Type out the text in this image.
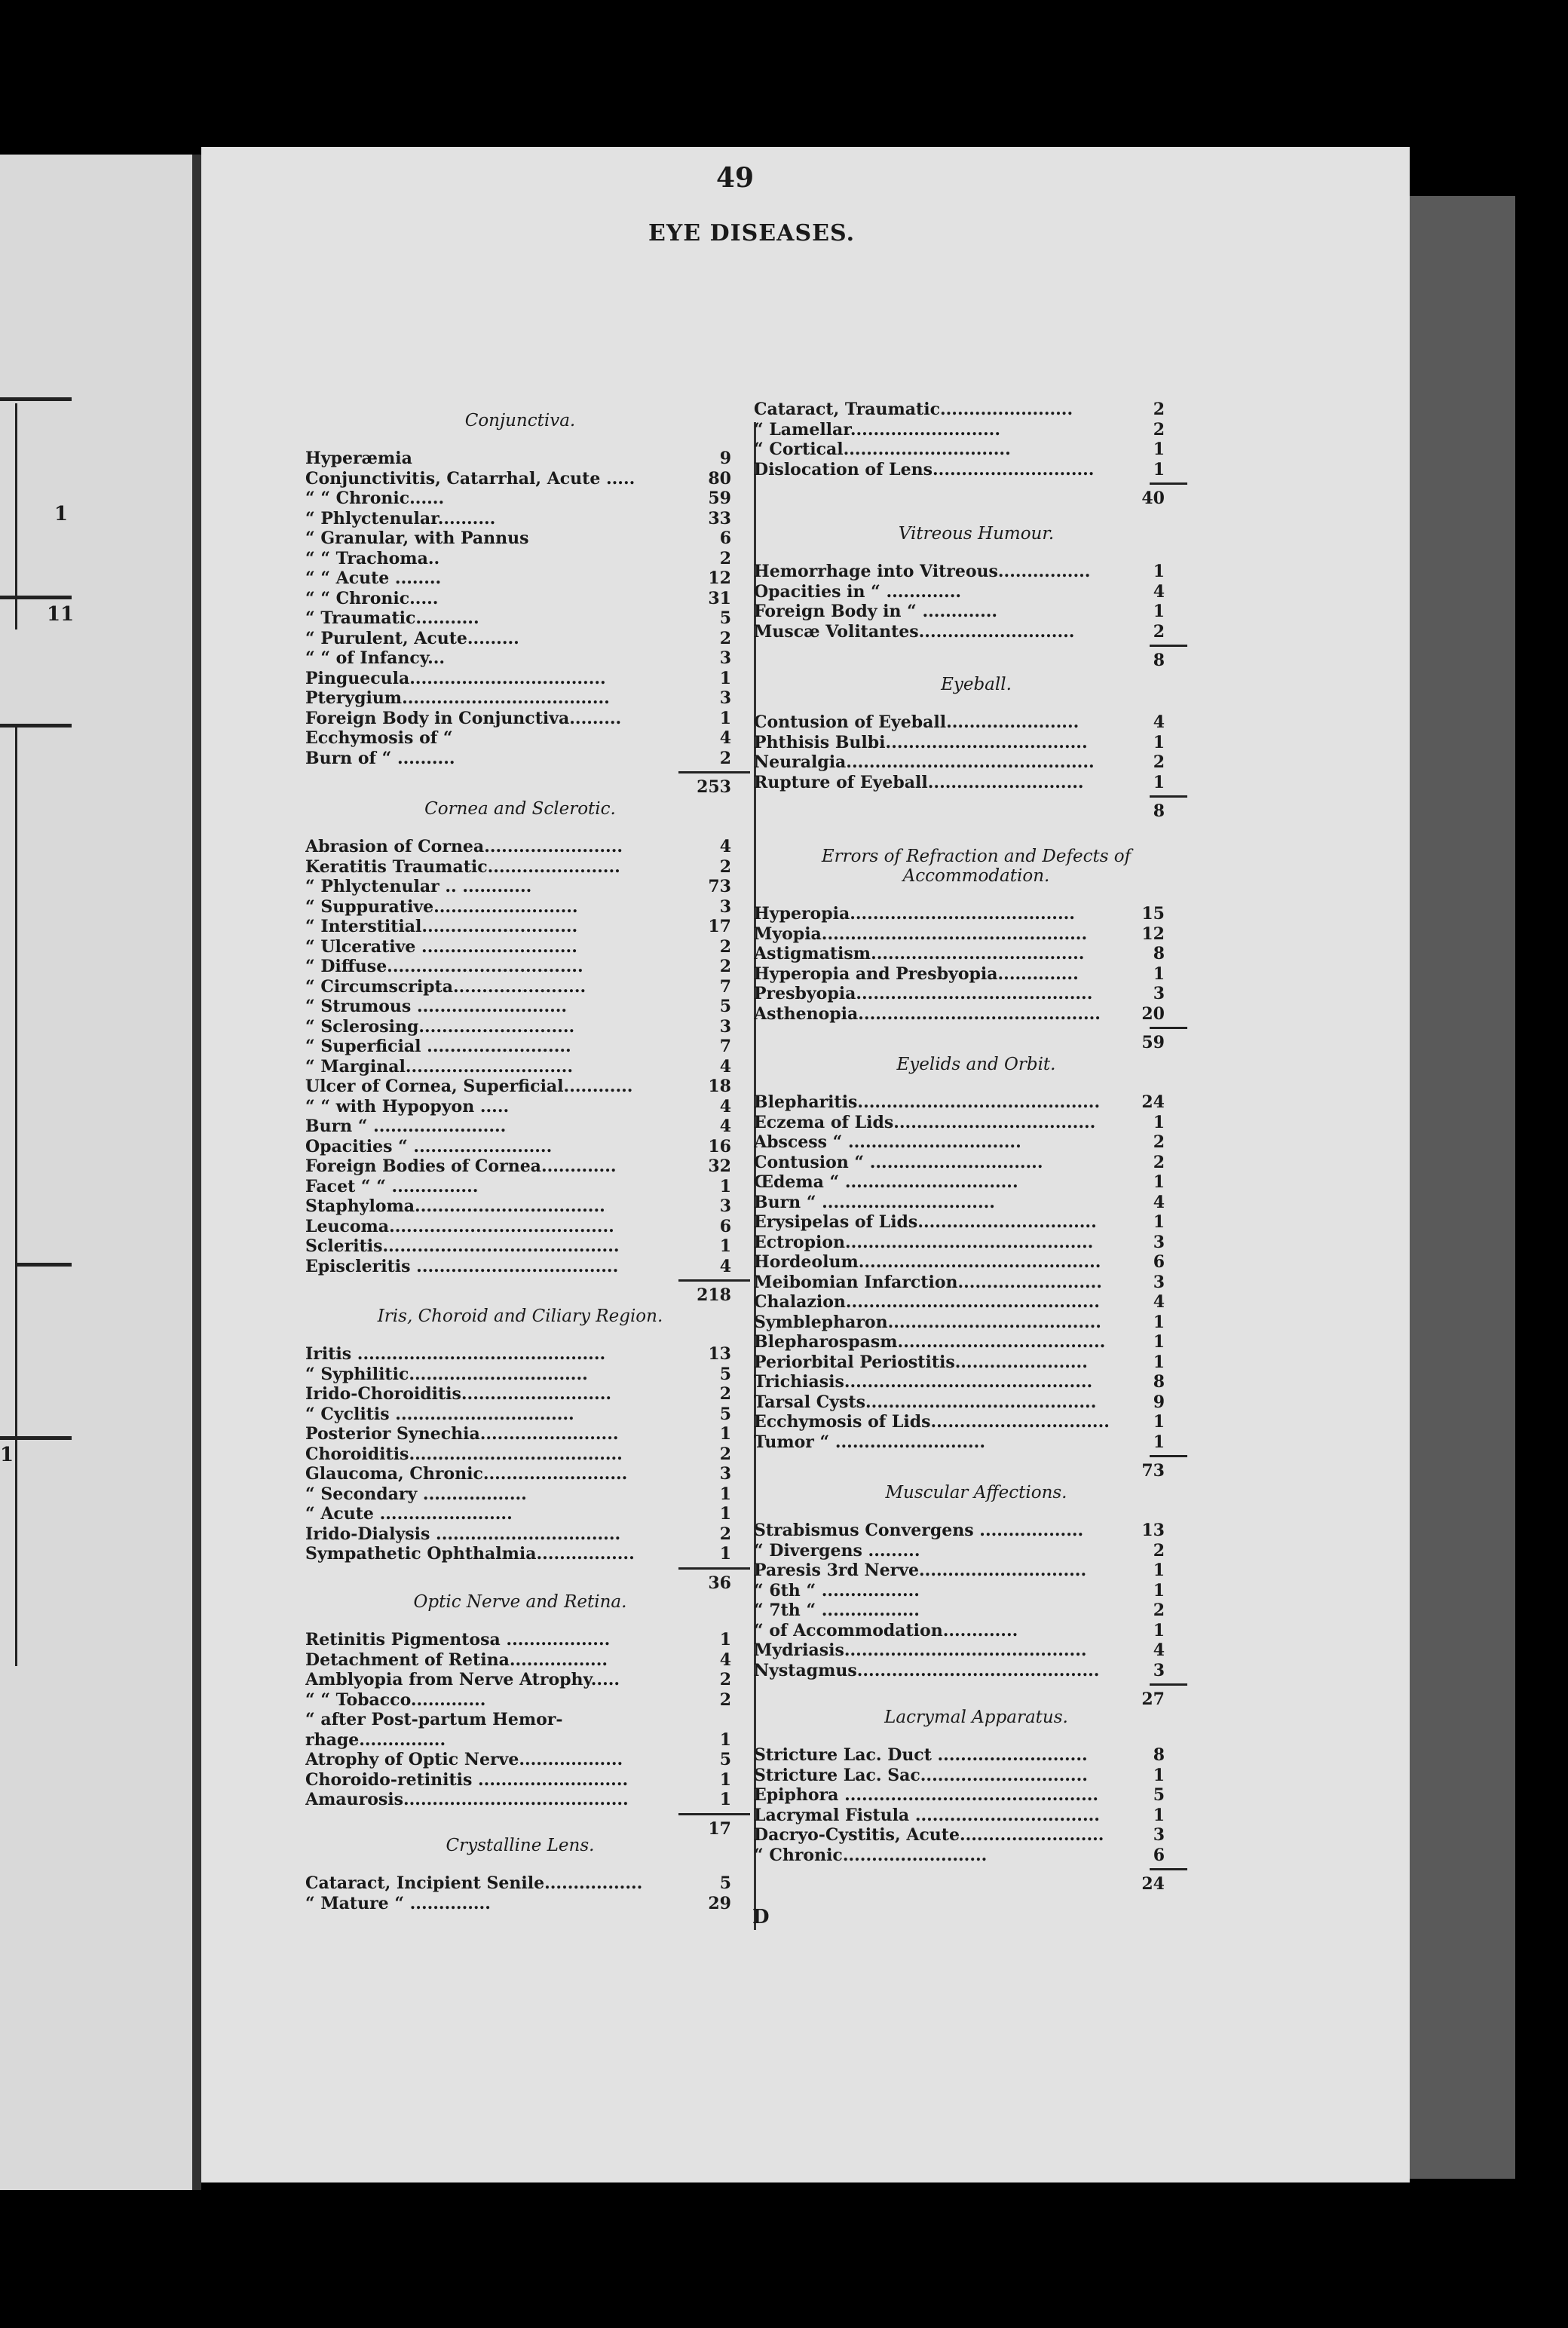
1
11
1
49
EYE DISEASES.
Conjunctiva.
Hyperæmia	9
Conjunctivitis, Catarrhal, Acute .....	80
“ “ Chronic......	59
“ Phlyctenular..........	33
“ Granular, with Pannus	6
“ “ Trachoma..	2
“ “ Acute ........	12
“ “ Chronic.....	31
“ Traumatic...........	5
“ Purulent, Acute.........	2
“ “ of Infancy...	3
Pinguecula..................................	1
Pterygium....................................	3
Foreign Body in Conjunctiva.........	1
Ecchymosis of “	4
Burn of “ ..........	2
253
Cornea and Sclerotic.
Abrasion of Cornea........................	4
Keratitis Traumatic.......................	2
“ Phlyctenular .. ............	73
“ Suppurative.........................	3
“ Interstitial...........................	17
“ Ulcerative ...........................	2
“ Diffuse..................................	2
“ Circumscripta.......................	7
“ Strumous ..........................	5
“ Sclerosing...........................	3
“ Superficial .........................	7
“ Marginal.............................	4
Ulcer of Cornea, Superficial............	18
“ “ with Hypopyon .....	4
Burn “ .......................	4
Opacities “ ........................	16
Foreign Bodies of Cornea.............	32
Facet “ “ ...............	1
Staphyloma.................................	3
Leucoma.......................................	6
Scleritis.........................................	1
Episcleritis ...................................	4
218
Iris, Choroid and Ciliary Region.
Iritis ...........................................	13
“ Syphilitic...............................	5
Irido-Choroiditis..........................	2
“ Cyclitis ...............................	5
Posterior Synechia........................	1
Choroiditis.....................................	2
Glaucoma, Chronic.........................	3
“ Secondary ..................	1
“ Acute .......................	1
Irido-Dialysis ................................	2
Sympathetic Ophthalmia.................	1
36
Optic Nerve and Retina.
Retinitis Pigmentosa ..................	1
Detachment of Retina.................	4
Amblyopia from Nerve Atrophy.....	2
“ “ Tobacco.............	2
“ after Post-partum Hemor-
rhage...............	1
Atrophy of Optic Nerve..................	5
Choroido-retinitis ..........................	1
Amaurosis.......................................	1
17
Crystalline Lens.
Cataract, Incipient Senile.................	5
“ Mature “ ..............	29
Cataract, Traumatic.......................	2
“ Lamellar..........................	2
“ Cortical.............................	1
Dislocation of Lens............................	1
40
Vitreous Humour.
Hemorrhage into Vitreous................	1
Opacities in “ .............	4
Foreign Body in “ .............	1
Muscæ Volitantes...........................	2
8
Eyeball.
Contusion of Eyeball.......................	4
Phthisis Bulbi...................................	1
Neuralgia...........................................	2
Rupture of Eyeball...........................	1
8
Errors of Refraction and Defects of
Accommodation.
Hyperopia.......................................	15
Myopia..............................................	12
Astigmatism.....................................	8
Hyperopia and Presbyopia..............	1
Presbyopia.........................................	3
Asthenopia..........................................	20
59
Eyelids and Orbit.
Blepharitis..........................................	24
Eczema of Lids...................................	1
Abscess “ ..............................	2
Contusion “ ..............................	2
Œdema “ ..............................	1
Burn “ ..............................	4
Erysipelas of Lids...............................	1
Ectropion...........................................	3
Hordeolum..........................................	6
Meibomian Infarction.........................	3
Chalazion............................................	4
Symblepharon.....................................	1
Blepharospasm....................................	1
Periorbital Periostitis.......................	1
Trichiasis...........................................	8
Tarsal Cysts........................................	9
Ecchymosis of Lids...............................	1
Tumor “ ..........................	1
73
Muscular Affections.
Strabismus Convergens ..................	13
“ Divergens .........	2
Paresis 3rd Nerve.............................	1
“ 6th “ .................	1
“ 7th “ .................	2
“ of Accommodation.............	1
Mydriasis..........................................	4
Nystagmus..........................................	3
27
Lacrymal Apparatus.
Stricture Lac. Duct ..........................	8
Stricture Lac. Sac.............................	1
Epiphora ............................................	5
Lacrymal Fistula ................................	1
Dacryo-Cystitis, Acute.........................	3
“ Chronic.........................	6
24
D
